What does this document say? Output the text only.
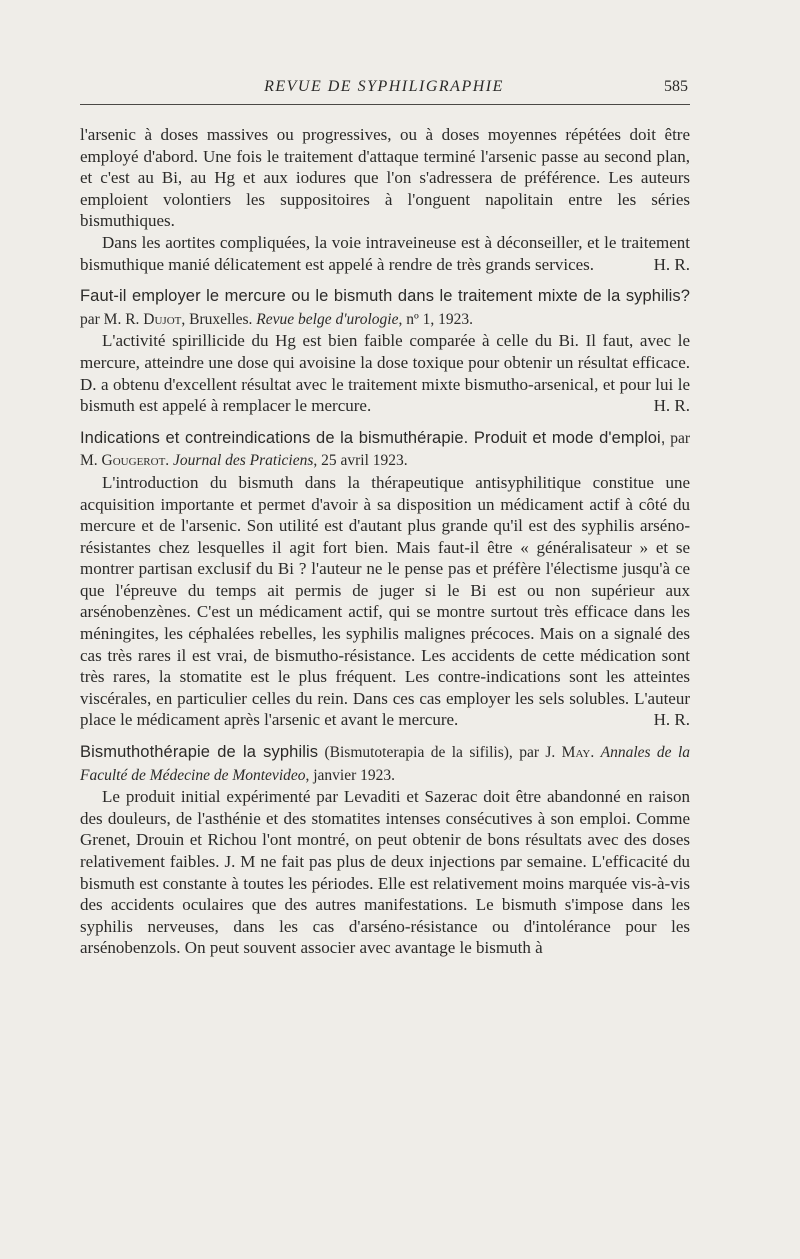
REVUE DE SYPHILIGRAPHIE	585

l'arsenic à doses massives ou progressives, ou à doses moyennes répétées doit être employé d'abord. Une fois le traitement d'attaque terminé l'arsenic passe au second plan, et c'est au Bi, au Hg et aux iodures que l'on s'adressera de préférence. Les auteurs emploient volontiers les suppositoires à l'onguent napolitain entre les séries bismuthiques.

Dans les aortites compliquées, la voie intraveineuse est à déconseiller, et le traitement bismuthique manié délicatement est appelé à rendre de très grands services.	H. R.

Faut-il employer le mercure ou le bismuth dans le traitement mixte de la syphilis? par M. R. Dujot, Bruxelles. Revue belge d'urologie, nº 1, 1923.

L'activité spirillicide du Hg est bien faible comparée à celle du Bi. Il faut, avec le mercure, atteindre une dose qui avoisine la dose toxique pour obtenir un résultat efficace. D. a obtenu d'excellent résultat avec le traitement mixte bismutho-arsenical, et pour lui le bismuth est appelé à remplacer le mercure.	H. R.

Indications et contreindications de la bismuthérapie. Produit et mode d'emploi, par M. Gougerot. Journal des Praticiens, 25 avril 1923.

L'introduction du bismuth dans la thérapeutique antisyphilitique constitue une acquisition importante et permet d'avoir à sa disposition un médicament actif à côté du mercure et de l'arsenic. Son utilité est d'autant plus grande qu'il est des syphilis arséno-résistantes chez lesquelles il agit fort bien. Mais faut-il être « généralisateur » et se montrer partisan exclusif du Bi ? l'auteur ne le pense pas et préfère l'électisme jusqu'à ce que l'épreuve du temps ait permis de juger si le Bi est ou non supérieur aux arsénobenzènes. C'est un médicament actif, qui se montre surtout très efficace dans les méningites, les céphalées rebelles, les syphilis malignes précoces. Mais on a signalé des cas très rares il est vrai, de bismutho-résistance. Les accidents de cette médication sont très rares, la stomatite est le plus fréquent. Les contre-indications sont les atteintes viscérales, en particulier celles du rein. Dans ces cas employer les sels solubles. L'auteur place le médicament après l'arsenic et avant le mercure.	H. R.

Bismuthothérapie de la syphilis (Bismutoterapia de la sifilis), par J. May. Annales de la Faculté de Médecine de Montevideo, janvier 1923.

Le produit initial expérimenté par Levaditi et Sazerac doit être abandonné en raison des douleurs, de l'asthénie et des stomatites intenses consécutives à son emploi. Comme Grenet, Drouin et Richou l'ont montré, on peut obtenir de bons résultats avec des doses relativement faibles. J. M ne fait pas plus de deux injections par semaine. L'efficacité du bismuth est constante à toutes les périodes. Elle est relativement moins marquée vis-à-vis des accidents oculaires que des autres manifestations. Le bismuth s'impose dans les syphilis nerveuses, dans les cas d'arséno-résistance ou d'intolérance pour les arsénobenzols. On peut souvent associer avec avantage le bismuth à
